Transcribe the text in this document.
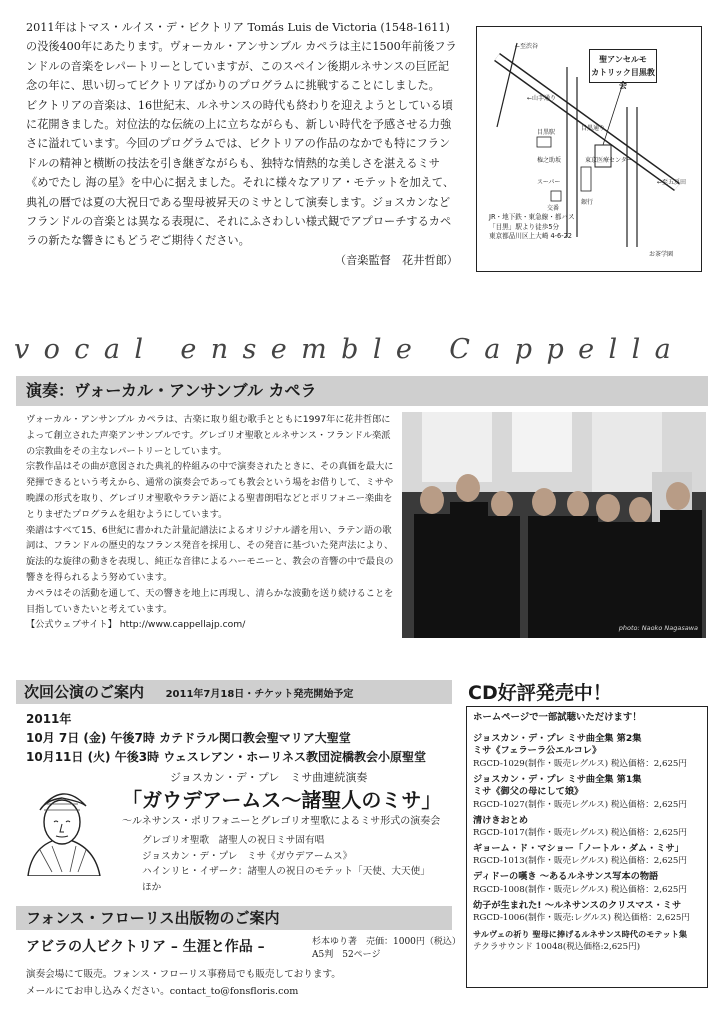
2011年はトマス・ルイス・デ・ビクトリア Tomás Luis de Victoria (1548-1611) の没後400年にあたります。ヴォーカル・アンサンブル カペラは主に1500年前後フランドルの音楽をレパートリーとしていますが、このスペイン後期ルネサンスの巨匠記念の年に、思い切ってビクトリアばかりのプログラムに挑戦することにしました。

ビクトリアの音楽は、16世紀末、ルネサンスの時代も終わりを迎えようとしている頃に花開きました。対位法的な伝統の上に立ちながらも、新しい時代を予感させる力強さに溢れています。今回のプログラムでは、ビクトリアの作品のなかでも特にフランドルの精神と横断の技法を引き継ぎながらも、独特な情熱的な美しさを湛えるミサ《めでたし 海の星》を中心に据えました。それに様々なアリア・モテットを加えて、典礼の暦では夏の大祝日である聖母被昇天のミサとして演奏します。ジョスカンなどフランドルの音楽とは異なる表現に、それにふさわしい様式観でアプローチするカペラの新たな響きにもどうぞご期待ください。

（音楽監督　花井哲郎）

聖アンセルモ
カトリック目黒教会
←至渋谷
←山手通り
←至五反田
目黒通り
目黒駅
東京医療センター
スーパー
交番
銀行
お茶学園
権之助坂
JR・地下鉄・東急線・都バス
「目黒」駅より徒歩5分
東京都品川区上大崎 4-6-22
vocal ensemble Cappella
演奏：ヴォーカル・アンサンブル カペラ

ヴォーカル・アンサンブル カペラは、古楽に取り組む歌手とともに1997年に花井哲郎によって創立された声楽アンサンブルです。グレゴリオ聖歌とルネサンス・フランドル楽派の宗教曲をその主なレパートリーとしています。

宗教作品はその曲が意図された典礼的枠組みの中で演奏されたときに、その真価を最大に発揮できるという考えから、通常の演奏会であっても教会という場をお借りして、ミサや晩課の形式を取り、グレゴリオ聖歌やラテン語による聖書朗唱などとポリフォニー楽曲をとりまぜたプログラムを組むようにしています。

楽譜はすべて15、6世紀に書かれた計量記譜法によるオリジナル譜を用い、ラテン語の歌詞は、フランドルの歴史的なフランス発音を採用し、その発音に基づいた発声法により、旋法的な旋律の動きを表現し、純正な音律によるハーモニーと、教会の音響の中で最良の響きを得られるよう努めています。

カペラはその活動を通して、天の響きを地上に再現し、清らかな波動を送り続けることを目指していきたいと考えています。

【公式ウェブサイト】 http://www.cappellajp.com/	photo: Naoko Nagasawa
次回公演のご案内 2011年7月18日・チケット発売開始予定
2011年
10月 7日 (金) 午後7時 カテドラル関口教会聖マリア大聖堂
10月11日 (火) 午後3時 ウェスレアン・ホーリネス教団淀橋教会小原聖堂
ジョスカン・デ・プレ　ミサ曲連続演奏
「ガウデアームス〜諸聖人のミサ」
〜ルネサンス・ポリフォニーとグレゴリオ聖歌によるミサ形式の演奏会
グレゴリオ聖歌　諸聖人の祝日ミサ固有唱
ジョスカン・デ・プレ　ミサ《ガウデアームス》
ハインリヒ・イザーク：諸聖人の祝日のモテット「天使、大天使」
ほか
フォンス・フローリス出版物のご案内
アビラの人ビクトリア – 生涯と作品 –	杉本ゆり著　売価：1000円（税込）
A5判　52ページ
演奏会場にて販売。フォンス・フローリス事務局でも販売しております。
メールにてお申し込みください。contact_to@fonsfloris.com
CD好評発売中！
ホームページで一部試聴いただけます！
ジョスカン・デ・プレ ミサ曲全集 第2集
ミサ《フェラーラ公エルコレ》
RGCD-1029(制作・販売レグルス) 税込価格：2,625円
ジョスカン・デ・プレ ミサ曲全集 第1集
ミサ《御父の母にして娘》
RGCD-1027(制作・販売レグルス) 税込価格：2,625円
清けきおとめ
RGCD-1017(制作・販売レグルス) 税込価格：2,625円
ギョーム・ド・マショー「ノートル・ダム・ミサ」
RGCD-1013(制作・販売レグルス) 税込価格：2,625円
ディドーの嘆き 〜あるルネサンス写本の物語
RGCD-1008(制作・販売レグルス) 税込価格：2,625円
幼子が生まれた! 〜ルネサンスのクリスマス・ミサ
RGCD-1006(制作・販売:レグルス) 税込価格：2,625円
サルヴェの祈り 聖母に捧げるルネサンス時代のモテット集
テクラサウンド 10048(税込価格:2,625円)
